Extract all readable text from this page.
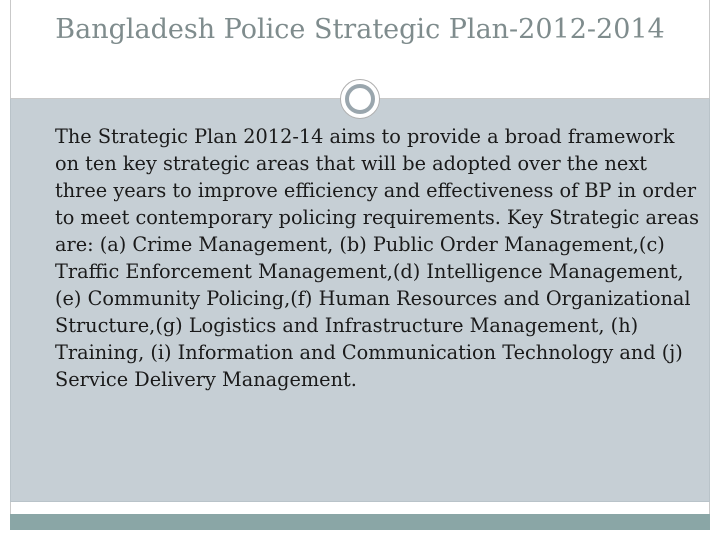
Bangladesh Police Strategic Plan-2012-2014

The Strategic Plan 2012-14 aims to provide a broad framework on ten key strategic areas that will be adopted over the next three years to improve efficiency and effectiveness of BP in order to meet contemporary policing requirements. Key Strategic areas are: (a) Crime Management, (b) Public Order Management,(c) Traffic Enforcement Management,(d) Intelligence Management,(e) Community Policing,(f) Human Resources and Organizational Structure,(g) Logistics and Infrastructure Management, (h) Training, (i) Information and Communication Technology and (j) Service Delivery Management.
